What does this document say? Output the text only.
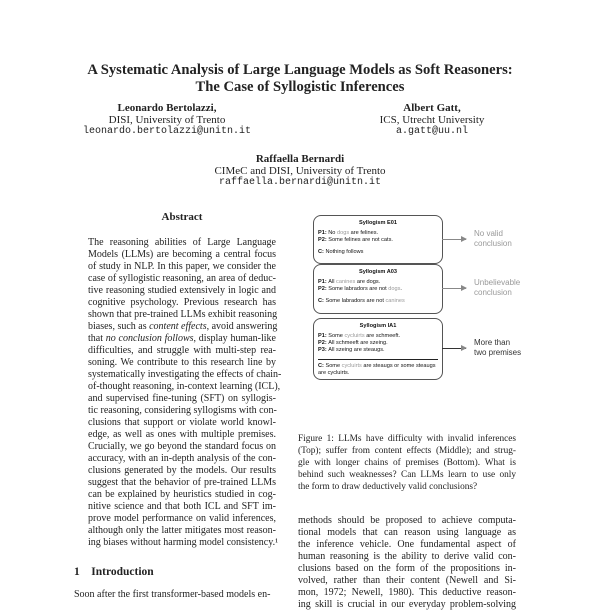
A Systematic Analysis of Large Language Models as Soft Reasoners:
The Case of Syllogistic Inferences
Leonardo Bertolazzi,
DISI, University of Trento
leonardo.bertolazzi@unitn.it
Albert Gatt,
ICS, Utrecht University
a.gatt@uu.nl
Raffaella Bernardi
CIMeC and DISI, University of Trento
raffaella.bernardi@unitn.it
Abstract
The reasoning abilities of Large Language
Models (LLMs) are becoming a central focus
of study in NLP. In this paper, we consider the
case of syllogistic reasoning, an area of deduc-
tive reasoning studied extensively in logic and
cognitive psychology. Previous research has
shown that pre-trained LLMs exhibit reasoning
biases, such as content effects, avoid answering
that no conclusion follows, display human-like
difficulties, and struggle with multi-step rea-
soning. We contribute to this research line by
systematically investigating the effects of chain-
of-thought reasoning, in-context learning (ICL),
and supervised fine-tuning (SFT) on syllogis-
tic reasoning, considering syllogisms with con-
clusions that support or violate world knowl-
edge, as well as ones with multiple premises.
Crucially, we go beyond the standard focus on
accuracy, with an in-depth analysis of the con-
clusions generated by the models. Our results
suggest that the behavior of pre-trained LLMs
can be explained by heuristics studied in cog-
nitive science and that both ICL and SFT im-
prove model performance on valid inferences,
although only the latter mitigates most reason-
ing biases without harming model consistency.¹
1 Introduction
Soon after the first transformer-based models en-
Syllogism E01
P1: No dogs are felines.
P2: Some felines are not cats.
C: Nothing follows
No valid
conclusion
Syllogism A03
P1: All canines are dogs.
P2: Some labradors are not dogs.
C: Some labradors are not canines
Unbelievable
conclusion
Syllogism IA1
P1: Some cycluirts are schmeeft.
P2: All schmeeft are szeing.
P3: All szeing are steaugs.
C: Some cycluirts are steaugs or some steaugs are cycluirts.
More than
two premises
Figure 1: LLMs have difficulty with invalid inferences
(Top); suffer from content effects (Middle); and strug-
gle with longer chains of premises (Bottom). What is
behind such weaknesses? Can LLMs learn to use only
the form to draw deductively valid conclusions?
methods should be proposed to achieve computa-
tional models that can reason using language as
the inference vehicle. One fundamental aspect of
human reasoning is the ability to derive valid con-
clusions based on the form of the propositions in-
volved, rather than their content (Newell and Si-
mon, 1972; Newell, 1980). This deductive reason-
ing skill is crucial in our everyday problem-solving
